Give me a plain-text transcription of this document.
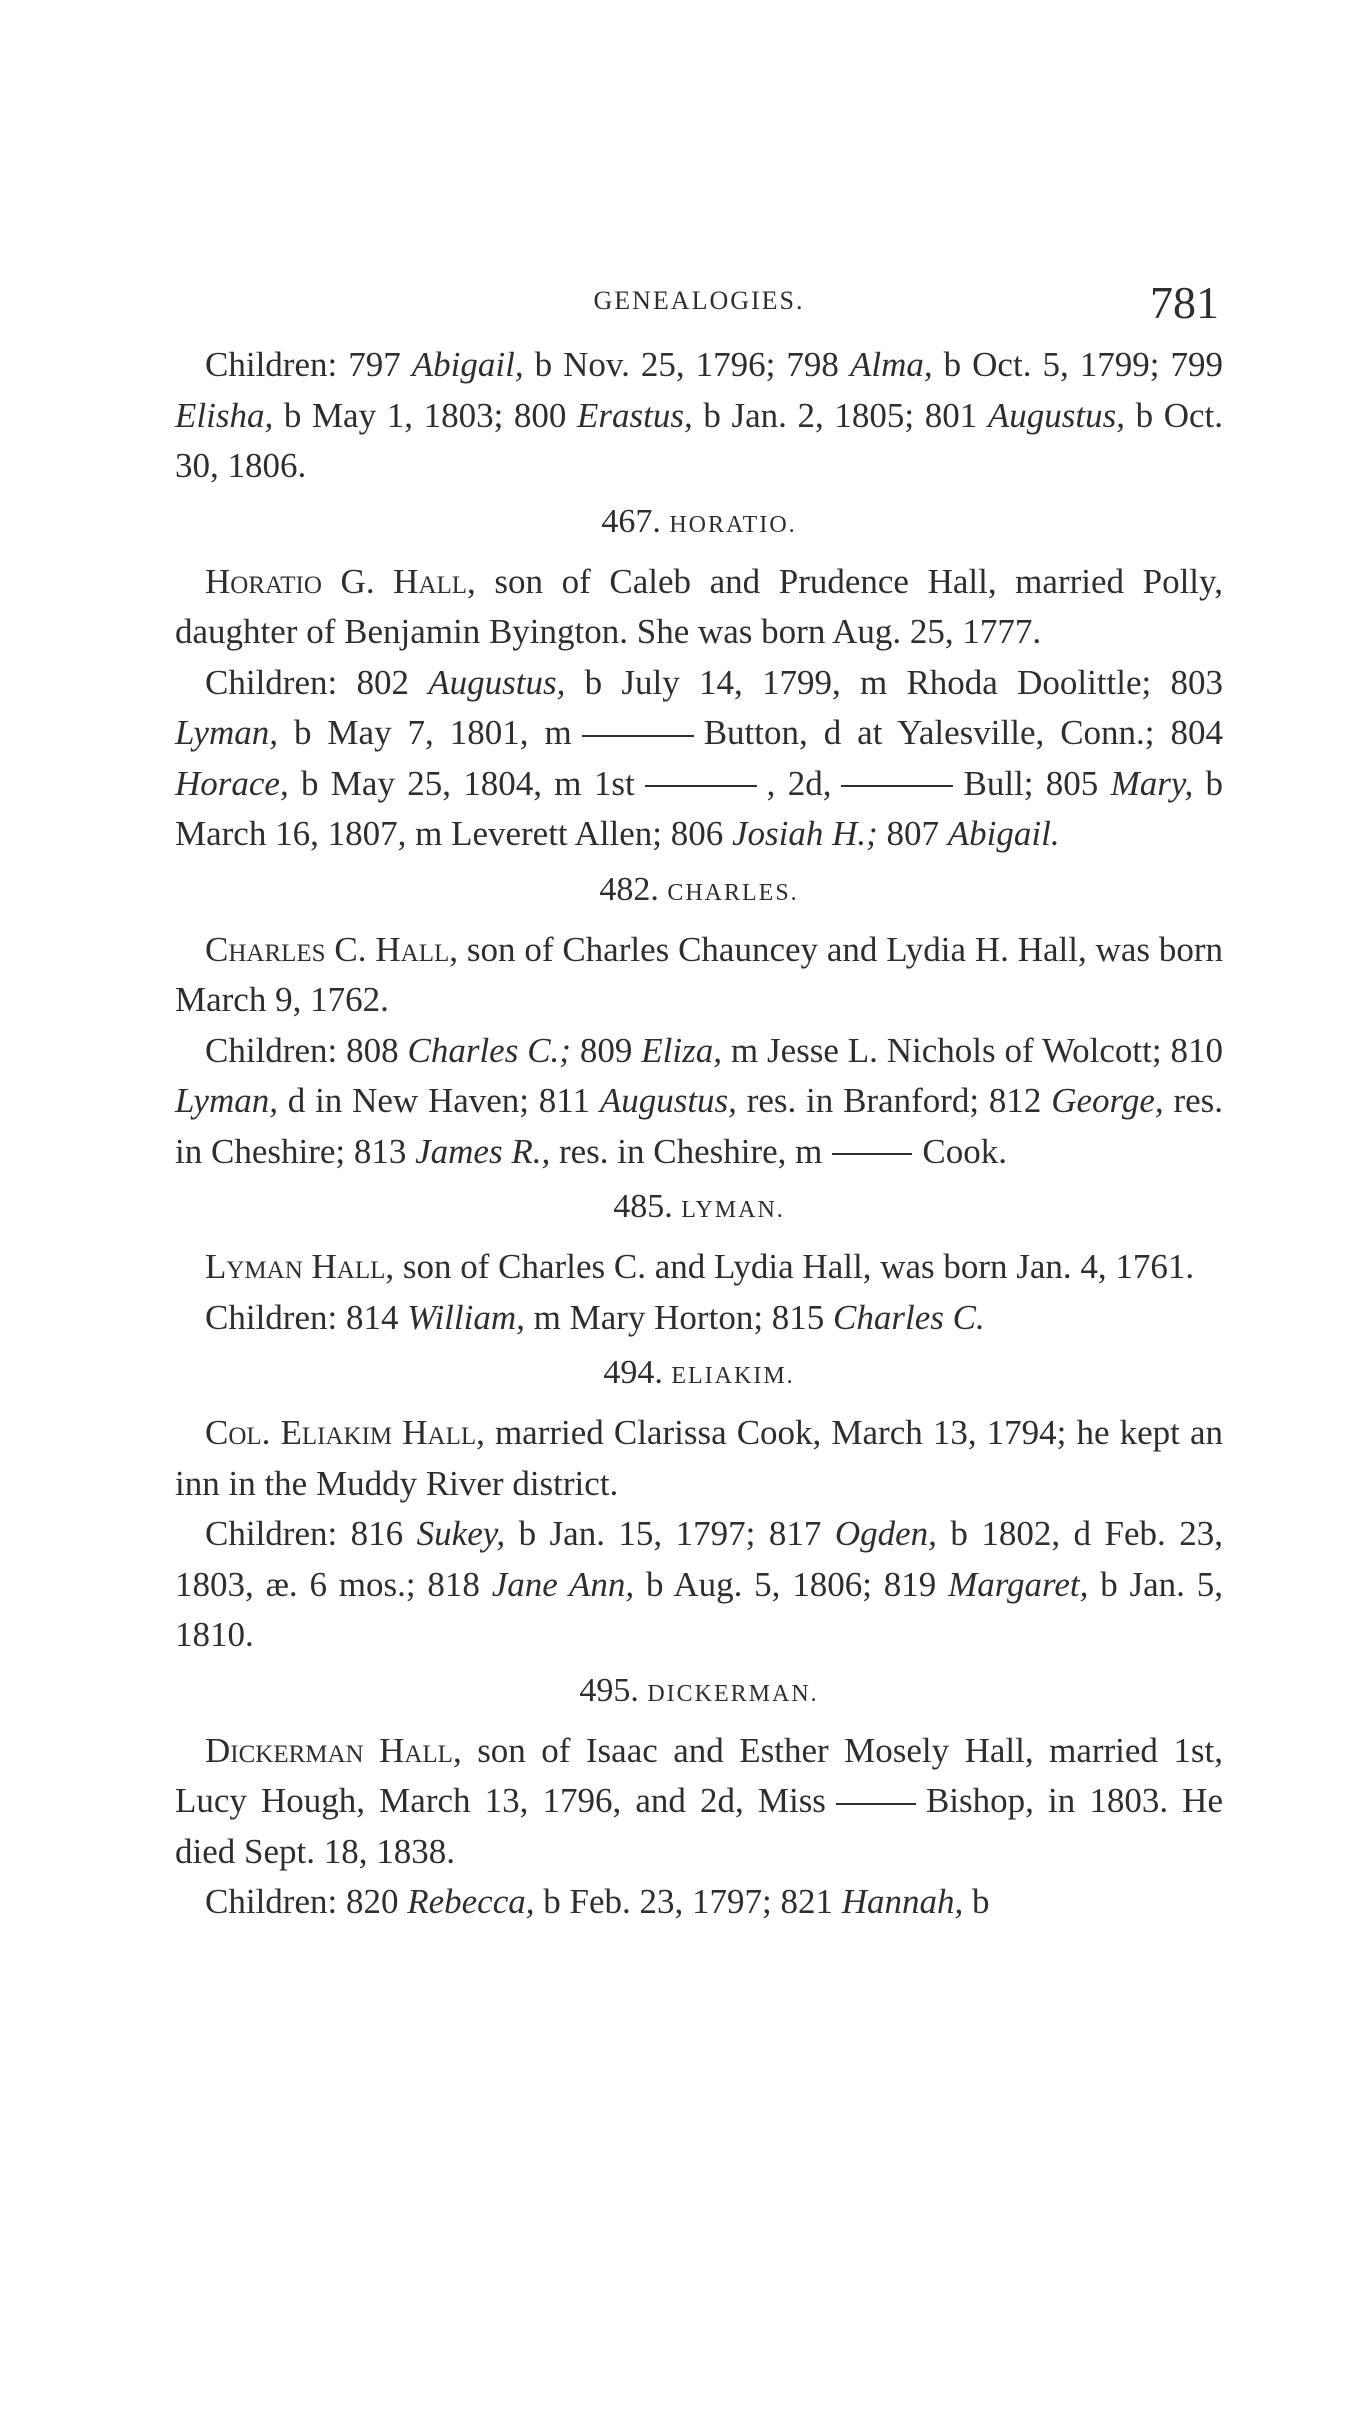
GENEALOGIES.	781

Children: 797 Abigail, b Nov. 25, 1796; 798 Alma, b Oct. 5, 1799; 799 Elisha, b May 1, 1803; 800 Erastus, b Jan. 2, 1805; 801 Augustus, b Oct. 30, 1806.

467. HORATIO.

Horatio G. Hall, son of Caleb and Prudence Hall, married Polly, daughter of Benjamin Byington. She was born Aug. 25, 1777.

Children: 802 Augustus, b July 14, 1799, m Rhoda Doolittle; 803 Lyman, b May 7, 1801, m	Button, d at Yalesville, Conn.; 804 Horace, b May 25, 1804, m 1st	, 2d,	Bull; 805 Mary, b March 16, 1807, m Leverett Allen; 806 Josiah H.; 807 Abigail.

482. CHARLES.

Charles C. Hall, son of Charles Chauncey and Lydia H. Hall, was born March 9, 1762.

Children: 808 Charles C.; 809 Eliza, m Jesse L. Nichols of Wolcott; 810 Lyman, d in New Haven; 811 Augustus, res. in Branford; 812 George, res. in Cheshire; 813 James R., res. in Cheshire, m	Cook.

485. LYMAN.

Lyman Hall, son of Charles C. and Lydia Hall, was born Jan. 4, 1761.

Children: 814 William, m Mary Horton; 815 Charles C.

494. ELIAKIM.

Col. Eliakim Hall, married Clarissa Cook, March 13, 1794; he kept an inn in the Muddy River district.

Children: 816 Sukey, b Jan. 15, 1797; 817 Ogden, b 1802, d Feb. 23, 1803, æ. 6 mos.; 818 Jane Ann, b Aug. 5, 1806; 819 Margaret, b Jan. 5, 1810.

495. DICKERMAN.

Dickerman Hall, son of Isaac and Esther Mosely Hall, married 1st, Lucy Hough, March 13, 1796, and 2d, Miss	Bishop, in 1803. He died Sept. 18, 1838.

Children: 820 Rebecca, b Feb. 23, 1797; 821 Hannah, b
